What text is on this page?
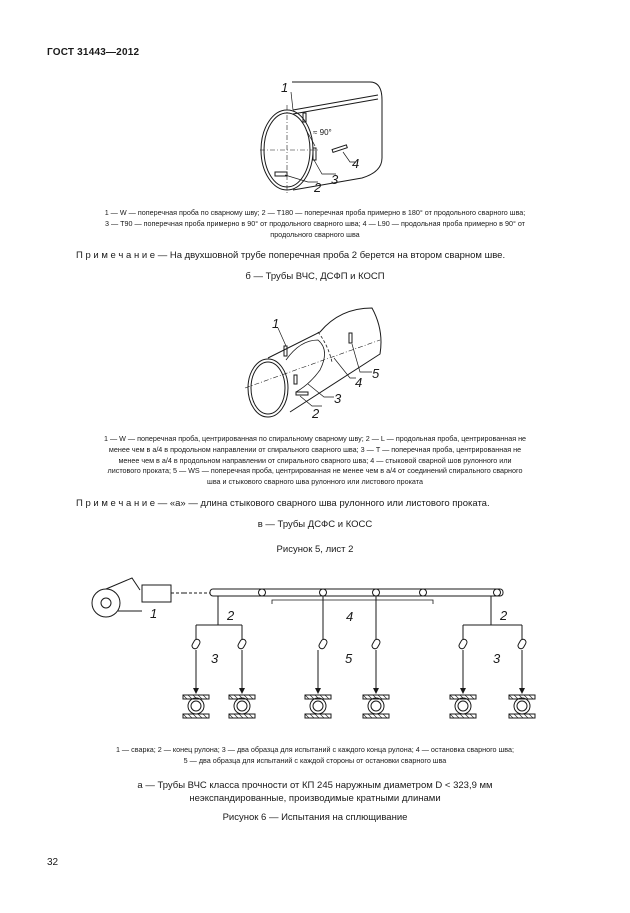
ГОСТ 31443—2012
1
2
3
4
≈ 90°
1 — W — поперечная проба по сварному шву; 2 — T180 — поперечная проба примерно в 180° от продольного сварного шва;
3 — T90 — поперечная проба примерно в 90° от продольного сварного шва; 4 — L90 — продольная проба примерно в 90° от
продольного сварного шва
П р и м е ч а н и е — На двухшовной трубе поперечная проба 2 берется на втором сварном шве.
б — Трубы ВЧС, ДСФП и КОСП
1
2
3
4
5
1 — W — поперечная проба, центрированная по спиральному сварному шву; 2 — L — продольная проба, центрированная не
менее чем в а/4 в продольном направлении от спирального сварного шва; 3 — T — поперечная проба, центрированная не
менее чем в а/4 в продольном направлении от спирального сварного шва; 4 — стыковой сварной шов рулонного или
листового проката; 5 — WS — поперечная проба, центрированная не менее чем в а/4 от соединений спирального сварного
шва и стыкового сварного шва рулонного или листового проката
П р и м е ч а н и е — «а» — длина стыкового сварного шва рулонного или листового проката.
в — Трубы ДСФС и КОСС
Рисунок 5, лист 2
1	2	2
4
3	5	3
1 — сварка; 2 — конец рулона; 3 — два образца для испытаний с каждого конца рулона; 4 — остановка сварного шва;
5 — два образца для испытаний с каждой стороны от остановки сварного шва
а — Трубы ВЧС класса прочности от КП 245 наружным диаметром D < 323,9 мм
неэкспандированные, производимые кратными длинами
Рисунок 6 — Испытания на сплющивание
32
